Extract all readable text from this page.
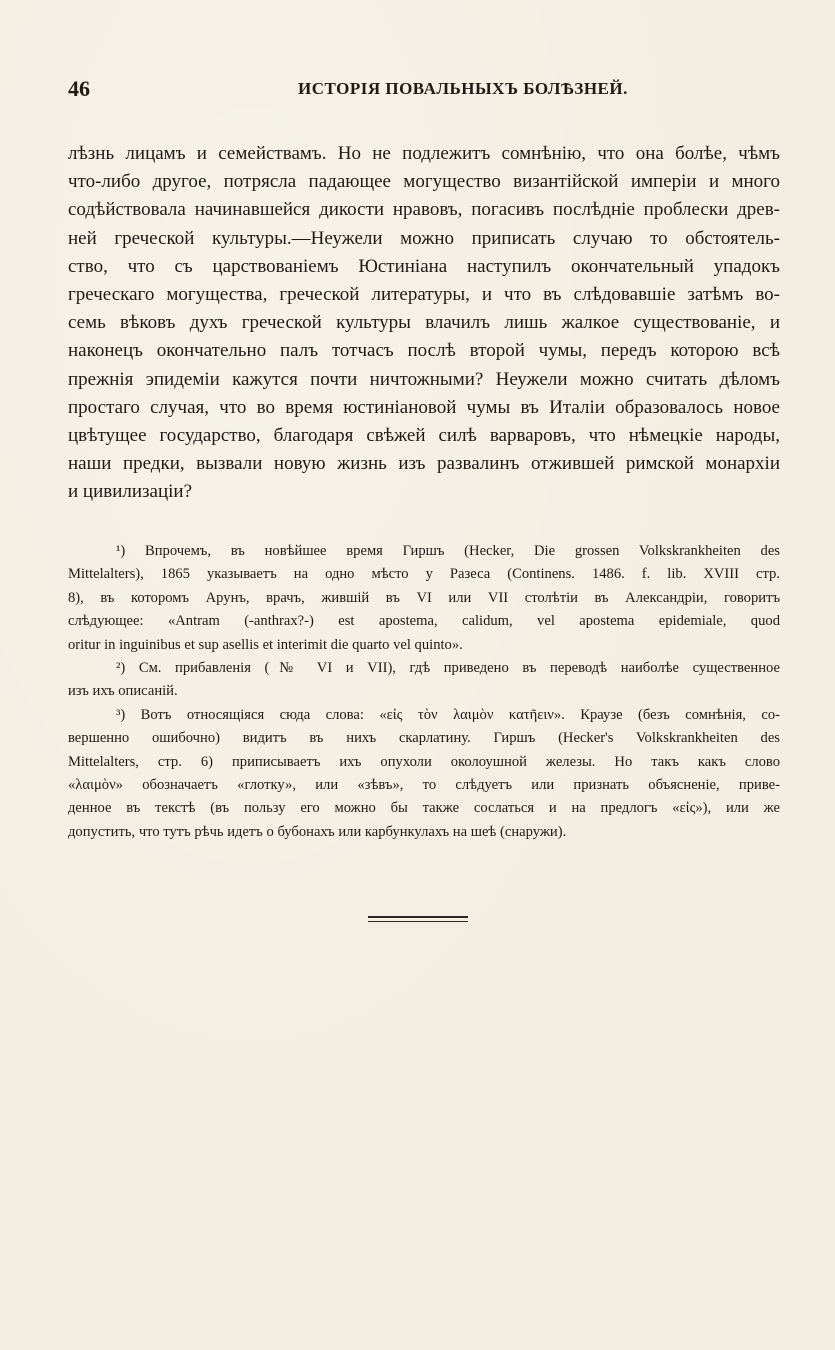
46	ИСТОРІЯ ПОВАЛЬНЫХЪ БОЛѢЗНЕЙ.
лѣзнь лицамъ и семействамъ. Но не подлежитъ сомнѣнію, что она болѣе, чѣмъ
что-либо другое, потрясла падающее могущество византійской имперіи и много
содѣйствовала начинавшейся дикости нравовъ, погасивъ послѣдніе проблески древ-
ней греческой культуры.—Неужели можно приписать случаю то обстоятель-
ство, что съ царствованіемъ Юстиніана наступилъ окончательный упадокъ
греческаго могущества, греческой литературы, и что въ слѣдовавшіе затѣмъ во-
семь вѣковъ духъ греческой культуры влачилъ лишь жалкое существованіе, и
наконецъ окончательно палъ тотчасъ послѣ второй чумы, передъ которою всѣ
прежнія эпидеміи кажутся почти ничтожными? Неужели можно считать дѣломъ
простаго случая, что во время юстиніановой чумы въ Италіи образовалось новое
цвѣтущее государство, благодаря свѣжей силѣ варваровъ, что нѣмецкіе народы,
наши предки, вызвали новую жизнь изъ развалинъ отжившей римской монархіи
и цивилизаціи?
¹) Впрочемъ, въ новѣйшее время Гиршъ (Hecker, Die grossen Volkskrankheiten des
Mittelalters), 1865 указываетъ на одно мѣсто у Разеса (Continens. 1486. f. lib. XVIII стр.
8), въ которомъ Арунъ, врачъ, жившій въ VI или VII столѣтіи въ Александріи, говоритъ
слѣдующее: «Antram (-anthrax?-) est apostema, calidum, vel apostema epidemiale, quod
oritur in inguinibus et sup asellis et interimit die quarto vel quinto».
²) См. прибавленія (№ VI и VII), гдѣ приведено въ переводѣ наиболѣе существенное
изъ ихъ описаній.
³) Вотъ относящіяся сюда слова: «εἰς τὸν λαιμὸν κατῆειν». Краузе (безъ сомнѣнія, со-
вершенно ошибочно) видитъ въ нихъ скарлатину. Гиршъ (Hecker's Volkskrankheiten des
Mittelalters, стр. 6) приписываетъ ихъ опухоли околоушной железы. Но такъ какъ слово
«λαιμὸν» обозначаетъ «глотку», или «зѣвъ», то слѣдуетъ или признать объясненіе, приве-
денное въ текстѣ (въ пользу его можно бы также сослаться и на предлогъ «εἰς»), или же
допустить, что тутъ рѣчь идетъ о бубонахъ или карбункулахъ на шеѣ (снаружи).
